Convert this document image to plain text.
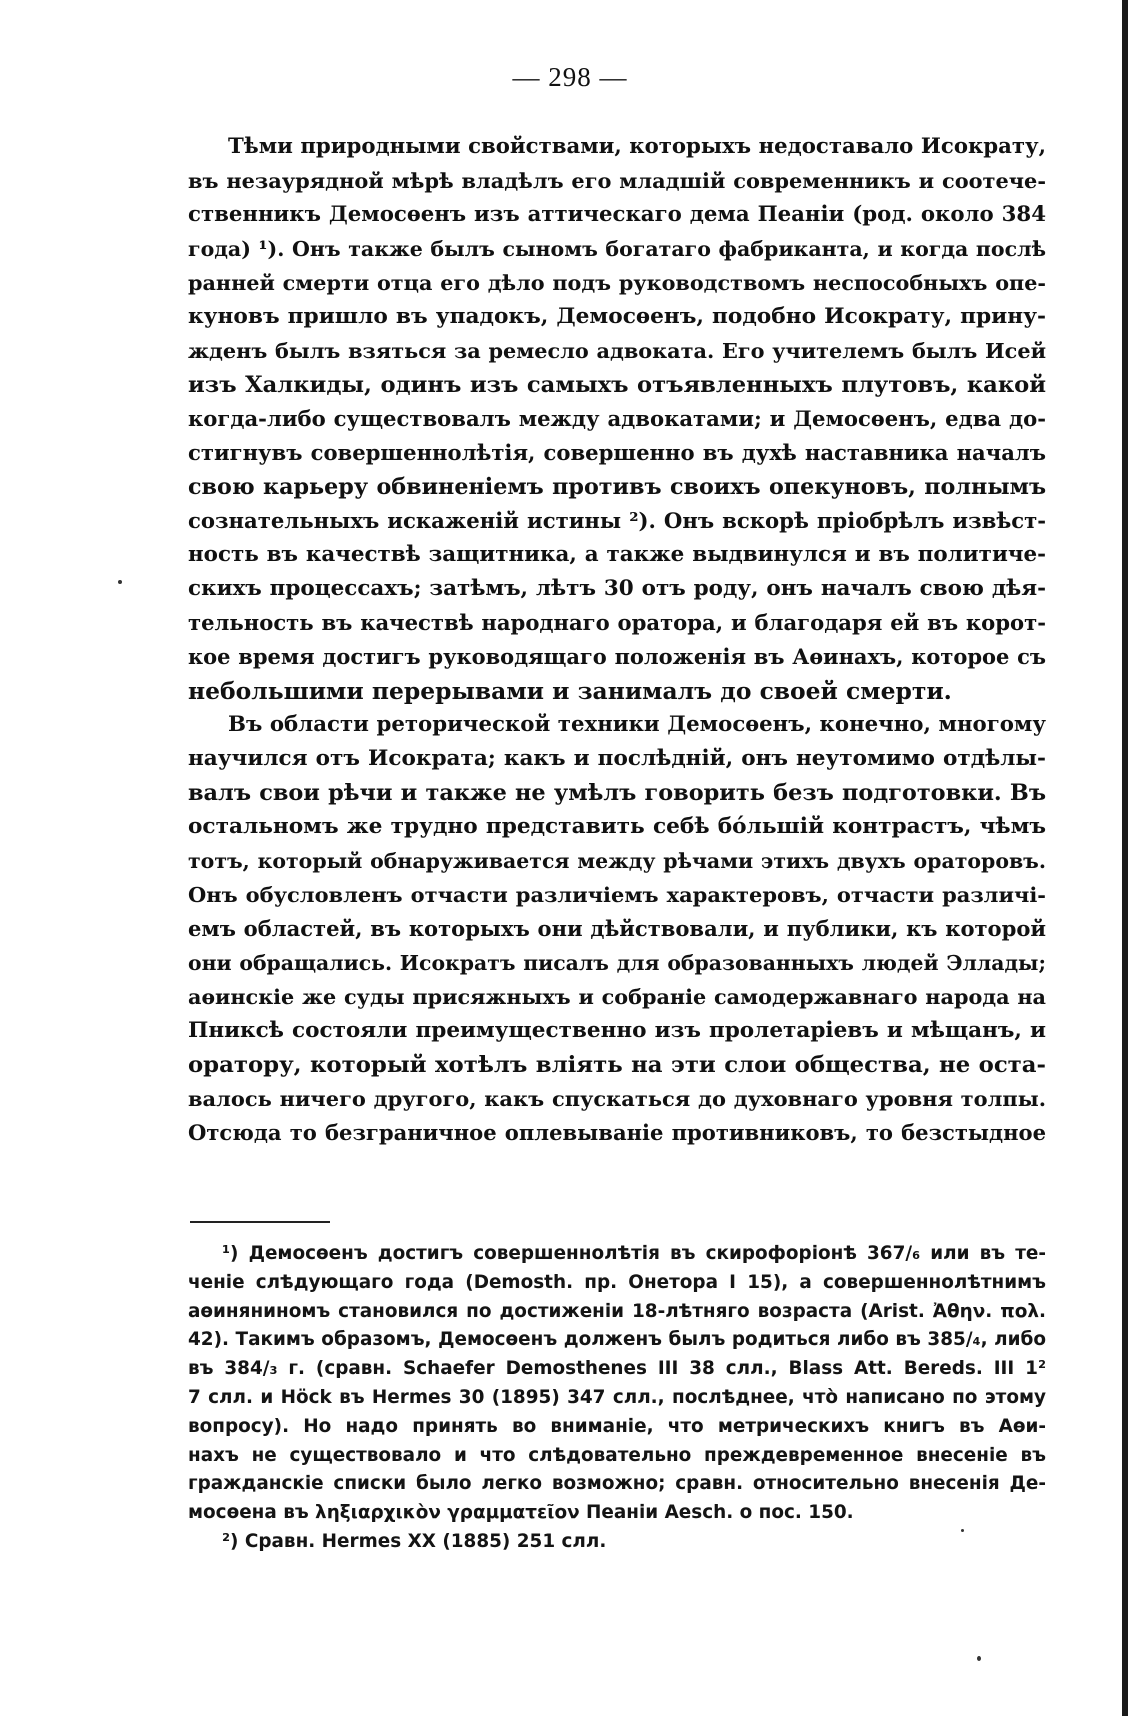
— 298 —
Тѣми природными свойствами, которыхъ недоставало Исократу,
въ незаурядной мѣрѣ владѣлъ его младшій современникъ и соотече-
ственникъ Демосѳенъ изъ аттическаго дема Пеаніи (род. около 384
года) ¹). Онъ также былъ сыномъ богатаго фабриканта, и когда послѣ
ранней смерти отца его дѣло подъ руководствомъ неспособныхъ опе-
куновъ пришло въ упадокъ, Демосѳенъ, подобно Исократу, прину-
жденъ былъ взяться за ремесло адвоката. Его учителемъ былъ Исей
изъ Халкиды, одинъ изъ самыхъ отъявленныхъ плутовъ, какой
когда-либо существовалъ между адвокатами; и Демосѳенъ, едва до-
стигнувъ совершеннолѣтія, совершенно въ духѣ наставника началъ
свою карьеру обвиненіемъ противъ своихъ опекуновъ, полнымъ
сознательныхъ искаженій истины ²). Онъ вскорѣ пріобрѣлъ извѣст-
ность въ качествѣ защитника, а также выдвинулся и въ политиче-
скихъ процессахъ; затѣмъ, лѣтъ 30 отъ роду, онъ началъ свою дѣя-
тельность въ качествѣ народнаго оратора, и благодаря ей въ корот-
кое время достигъ руководящаго положенія въ Аѳинахъ, которое съ
небольшими перерывами и занималъ до своей смерти.
Въ области реторической техники Демосѳенъ, конечно, многому
научился отъ Исократа; какъ и послѣдній, онъ неутомимо отдѣлы-
валъ свои рѣчи и также не умѣлъ говорить безъ подготовки. Въ
остальномъ же трудно представить себѣ бо́льшій контрастъ, чѣмъ
тотъ, который обнаруживается между рѣчами этихъ двухъ ораторовъ.
Онъ обусловленъ отчасти различіемъ характеровъ, отчасти различі-
емъ областей, въ которыхъ они дѣйствовали, и публики, къ которой
они обращались. Исократъ писалъ для образованныхъ людей Эллады;
аѳинскіе же суды присяжныхъ и собраніе самодержавнаго народа на
Пниксѣ состояли преимущественно изъ пролетаріевъ и мѣщанъ, и
оратору, который хотѣлъ вліять на эти слои общества, не оста-
валось ничего другого, какъ спускаться до духовнаго уровня толпы.
Отсюда то безграничное оплевываніе противниковъ, то безстыдное
¹) Демосѳенъ достигъ совершеннолѣтія въ скирофоріонѣ 367/₆ или въ те-
ченіе слѣдующаго года (Demosth. пр. Онетора I 15), а совершеннолѣтнимъ
аѳиняниномъ становился по достиженіи 18-лѣтняго возраста (Arist. Ἀθην. πολ.
42). Такимъ образомъ, Демосѳенъ долженъ былъ родиться либо въ 385/₄, либо
въ 384/₃ г. (сравн. Schaefer Demosthenes III 38 слл., Blass Att. Bereds. III 1²
7 слл. и Höck въ Hermes 30 (1895) 347 слл., послѣднее, что̀ написано по этому
вопросу). Но надо принять во вниманіе, что метрическихъ книгъ въ Аѳи-
нахъ не существовало и что слѣдовательно преждевременное внесеніе въ
гражданскіе списки было легко возможно; сравн. относительно внесенія Де-
мосѳена въ ληξιαρχικὸν γραμματεῖον Пеаніи Aesch. о пос. 150.
²) Сравн. Hermes XX (1885) 251 слл.
